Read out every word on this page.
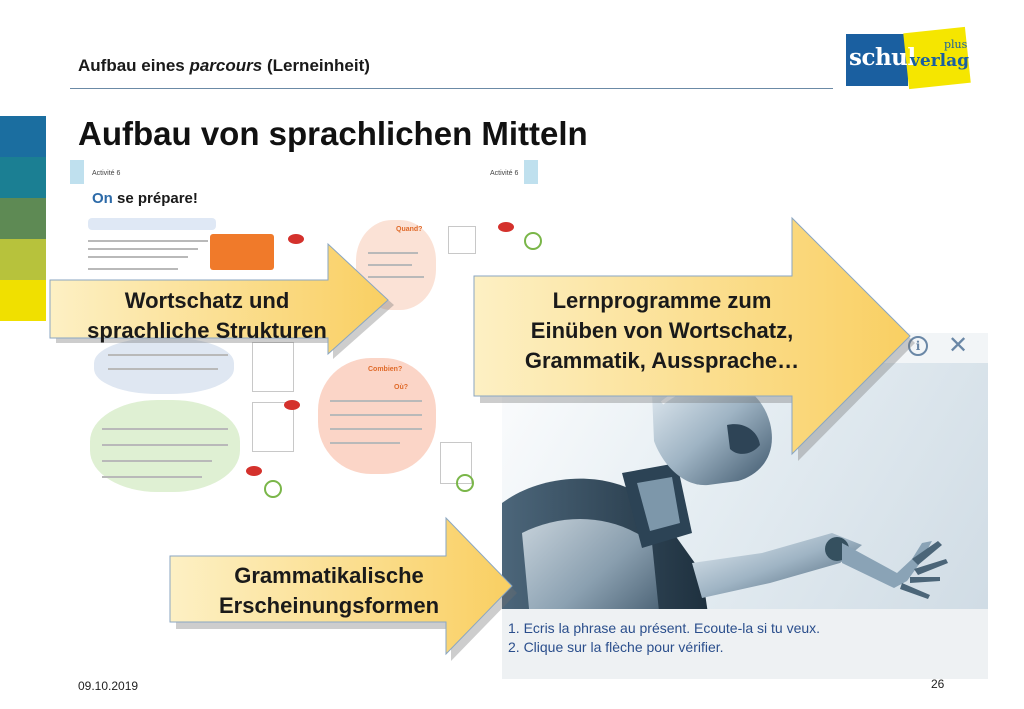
Aufbau eines parcours (Lerneinheit)	schul	plus
verlag
Aufbau von sprachlichen Mitteln
Activité 6	Activité 6
On se prépare!
Quand?
Combien?
Où?
i	✕
1. Ecris la phrase au présent. Ecoute-la si tu veux.
2. Clique sur la flèche pour vérifier.
Wortschatz und
sprachliche Strukturen
Lernprogramme zum
Einüben von Wortschatz,
Grammatik, Aussprache…
Grammatikalische
Erscheinungsformen
09.10.2019	26
